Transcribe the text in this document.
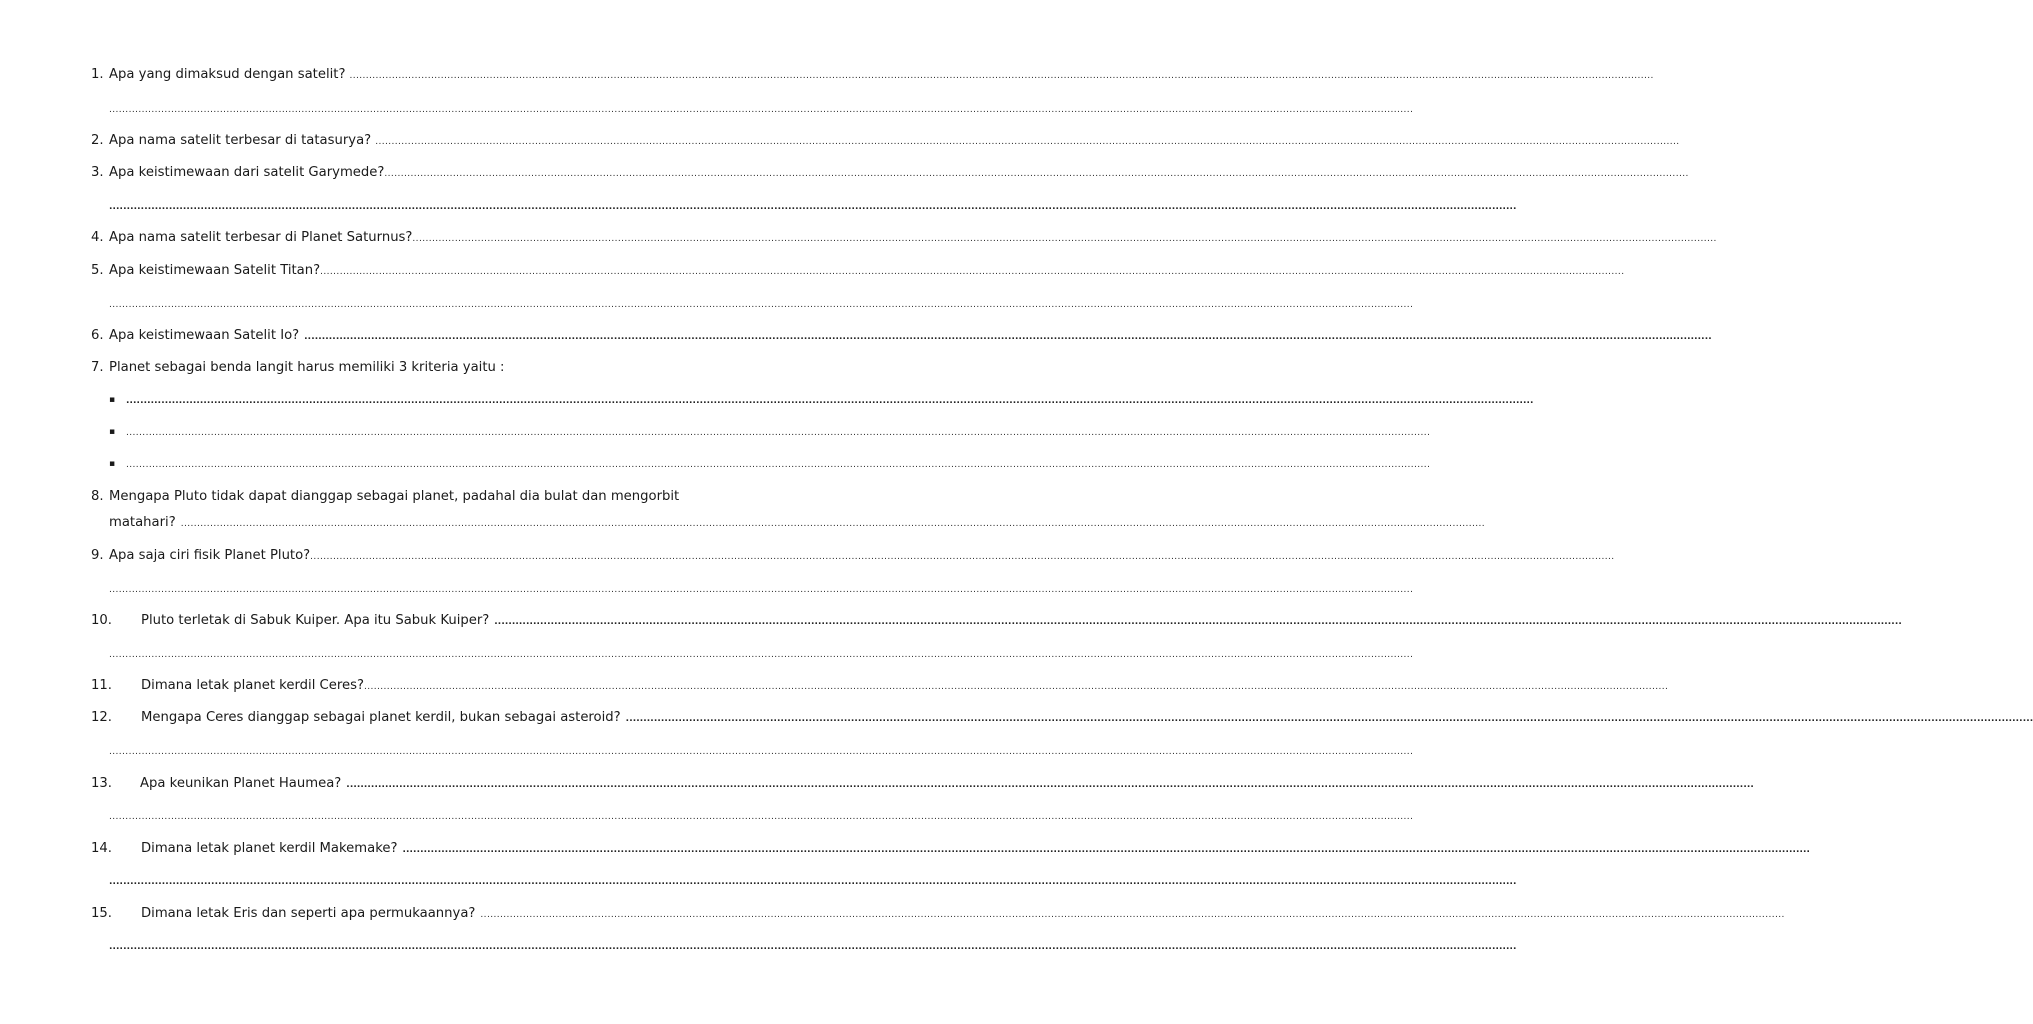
1. Apa yang dimaksud dengan satelit? ................................................................................................................................................................................................................................................................................................................................................................................................................
................................................................................................................................................................................................................................................................................................................................................................................................................
2. Apa nama satelit terbesar di tatasurya? ................................................................................................................................................................................................................................................................................................................................................................................................................
3. Apa keistimewaan dari satelit Garymede? ................................................................................................................................................................................................................................................................................................................................................................................................................
................................................................................................................................................................................................................................................................................................................................................................................................................
4. Apa nama satelit terbesar di Planet Saturnus? ................................................................................................................................................................................................................................................................................................................................................................................................................
5. Apa keistimewaan Satelit Titan? ................................................................................................................................................................................................................................................................................................................................................................................................................
................................................................................................................................................................................................................................................................................................................................................................................................................
6. Apa keistimewaan Satelit Io? ................................................................................................................................................................................................................................................................................................................................................................................................................
7. Planet sebagai benda langit harus memiliki 3 kriteria yaitu :
▪ ................................................................................................................................................................................................................................................................................................................................................................................................................
▪ ................................................................................................................................................................................................................................................................................................................................................................................................................
▪ ................................................................................................................................................................................................................................................................................................................................................................................................................
8. Mengapa Pluto tidak dapat dianggap sebagai planet, padahal dia bulat dan mengorbit
matahari? ................................................................................................................................................................................................................................................................................................................................................................................................................
9. Apa saja ciri fisik Planet Pluto? ................................................................................................................................................................................................................................................................................................................................................................................................................
................................................................................................................................................................................................................................................................................................................................................................................................................
10. Pluto terletak di Sabuk Kuiper. Apa itu Sabuk Kuiper? ................................................................................................................................................................................................................................................................................................................................................................................................................
................................................................................................................................................................................................................................................................................................................................................................................................................
11. Dimana letak planet kerdil Ceres? ................................................................................................................................................................................................................................................................................................................................................................................................................
12. Mengapa Ceres dianggap sebagai planet kerdil, bukan sebagai asteroid? ................................................................................................................................................................................................................................................................................................................................................................................................................
................................................................................................................................................................................................................................................................................................................................................................................................................
13. Apa keunikan Planet Haumea? ................................................................................................................................................................................................................................................................................................................................................................................................................
................................................................................................................................................................................................................................................................................................................................................................................................................
14. Dimana letak planet kerdil Makemake? ................................................................................................................................................................................................................................................................................................................................................................................................................
................................................................................................................................................................................................................................................................................................................................................................................................................
15. Dimana letak Eris dan seperti apa permukaannya? ................................................................................................................................................................................................................................................................................................................................................................................................................
................................................................................................................................................................................................................................................................................................................................................................................................................
